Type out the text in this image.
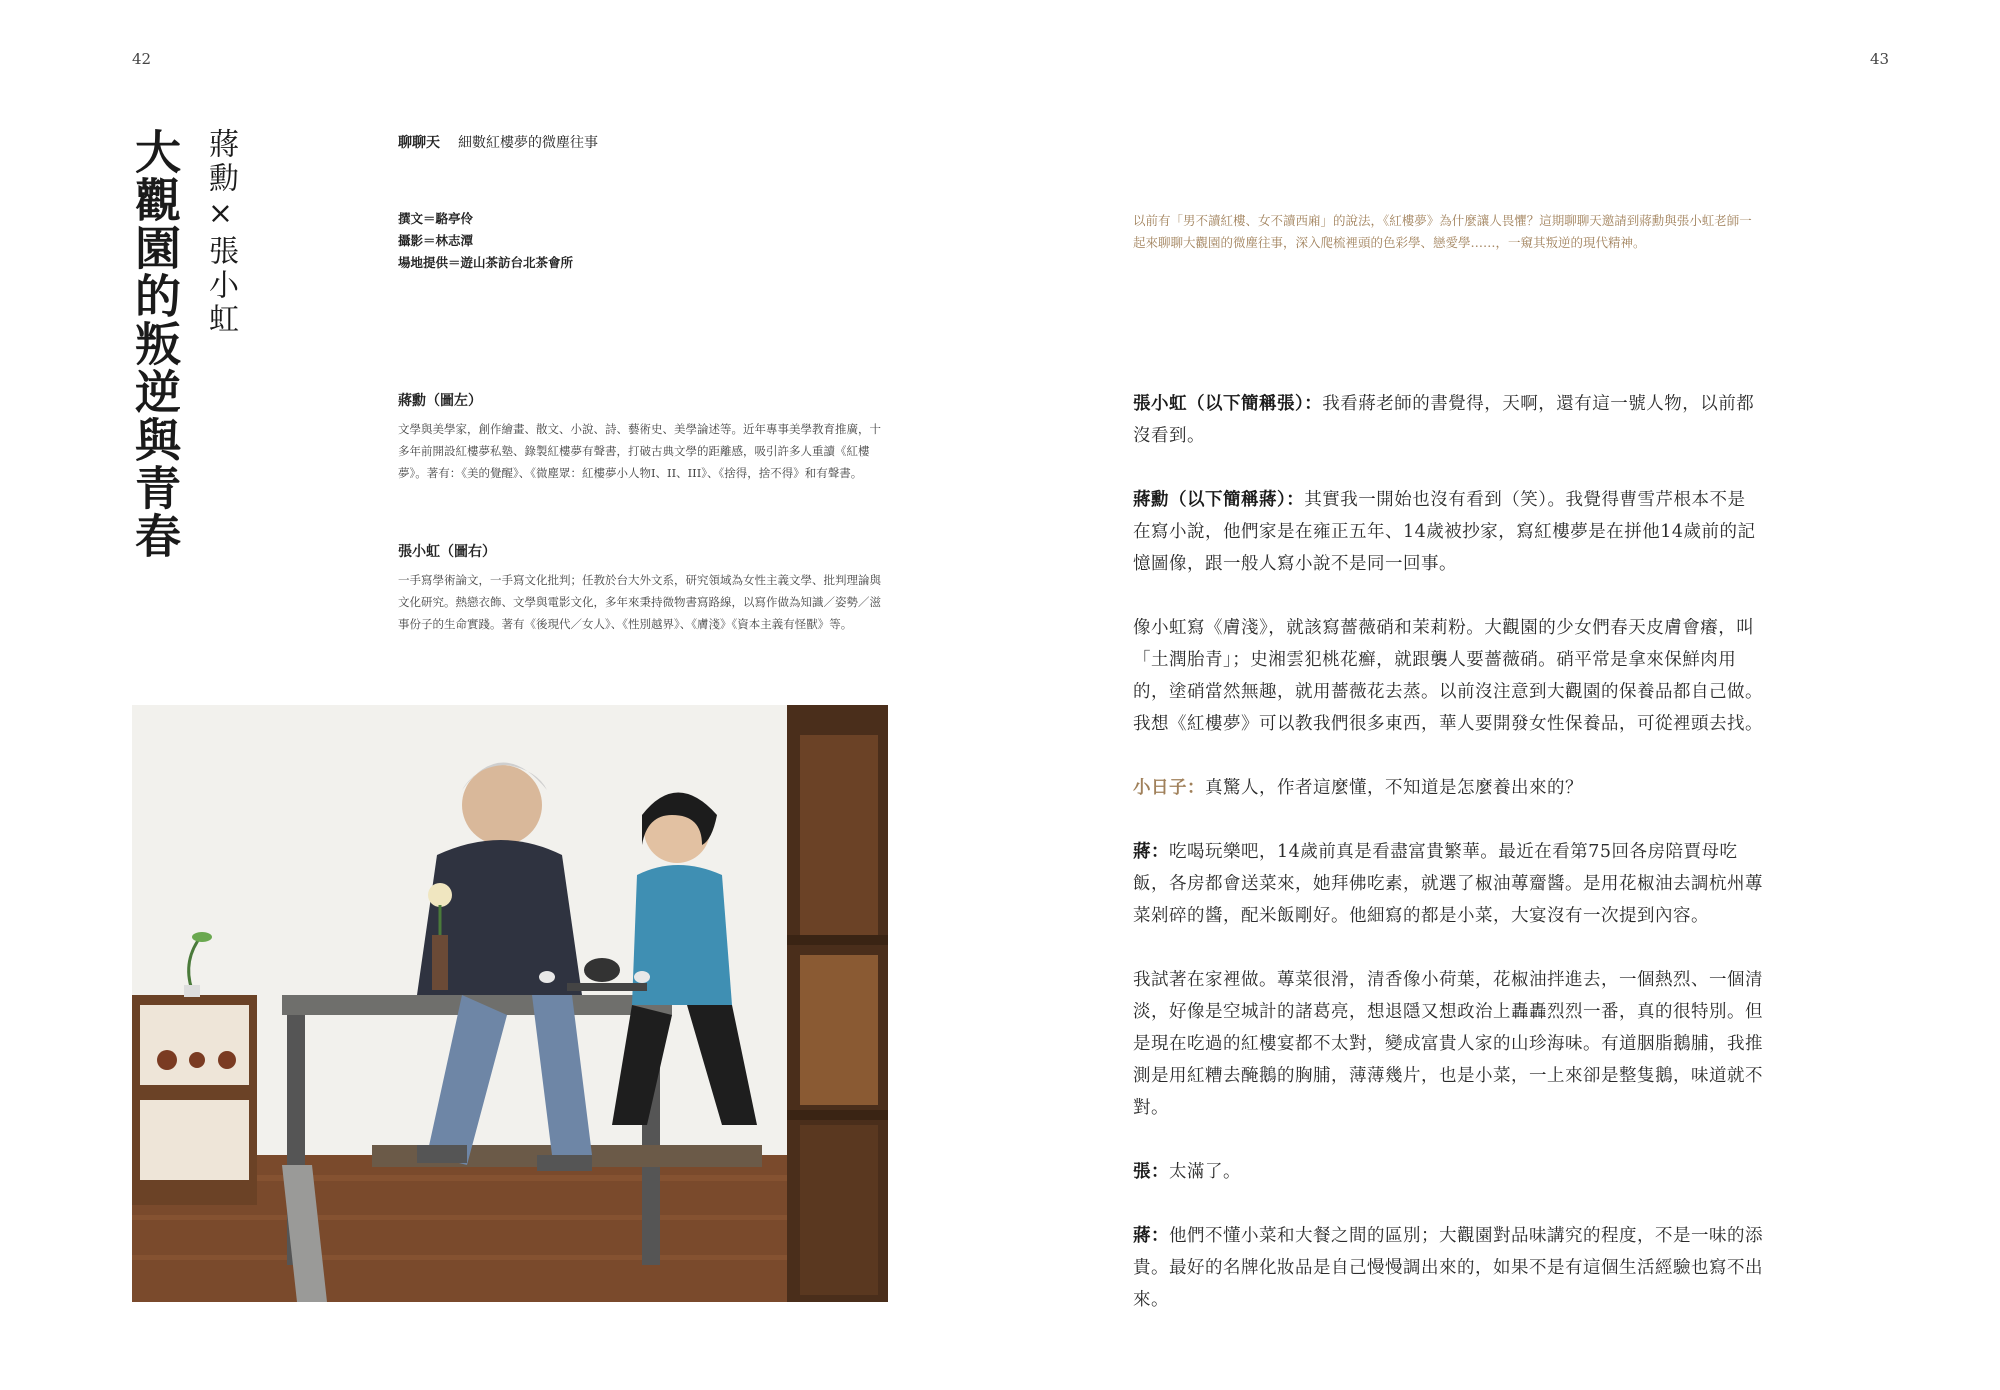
42
大觀園的叛逆與青春 蔣勳×張小虹
聊聊天 細數紅樓夢的微塵往事
撰文＝駱亭伶
攝影＝林志潭
場地提供＝遊山茶訪台北茶會所
蔣勳（圖左）
文學與美學家，創作繪畫、散文、小說、詩、藝術史、美學論述等。近年專事美學教育推廣，十多年前開設紅樓夢私塾、錄製紅樓夢有聲書，打破古典文學的距離感，吸引許多人重讀《紅樓夢》。著有：《美的覺醒》、《微塵眾：紅樓夢小人物I、II、III》、《捨得，捨不得》和有聲書。
張小虹（圖右）
一手寫學術論文，一手寫文化批判；任教於台大外文系，研究領域為女性主義文學、批判理論與文化研究。熱戀衣飾、文學與電影文化，多年來秉持微物書寫路線，以寫作做為知識／姿勢／滋事份子的生命實踐。著有《後現代／女人》、《性別越界》、《膚淺》《資本主義有怪獸》等。
43
以前有「男不讀紅樓、女不讀西廂」的說法，《紅樓夢》為什麼讓人畏懼？這期聊聊天邀請到蔣勳與張小虹老師一起來聊聊大觀園的微塵往事，深入爬梳裡頭的色彩學、戀愛學……，一窺其叛逆的現代精神。

張小虹（以下簡稱張）：我看蔣老師的書覺得，天啊，還有這一號人物，以前都沒看到。

蔣勳（以下簡稱蔣）：其實我一開始也沒有看到（笑）。我覺得曹雪芹根本不是在寫小說，他們家是在雍正五年、14歲被抄家，寫紅樓夢是在拼他14歲前的記憶圖像，跟一般人寫小說不是同一回事。

像小虹寫《膚淺》，就該寫薔薇硝和茉莉粉。大觀園的少女們春天皮膚會癢，叫「土潤胎青」；史湘雲犯桃花癬，就跟襲人要薔薇硝。硝平常是拿來保鮮肉用的，塗硝當然無趣，就用薔薇花去蒸。以前沒注意到大觀園的保養品都自己做。我想《紅樓夢》可以教我們很多東西，華人要開發女性保養品，可從裡頭去找。

小日子：真驚人，作者這麼懂，不知道是怎麼養出來的？

蔣：吃喝玩樂吧，14歲前真是看盡富貴繁華。最近在看第75回各房陪賈母吃飯，各房都會送菜來，她拜佛吃素，就選了椒油蓴齏醬。是用花椒油去調杭州蓴菜剁碎的醬，配米飯剛好。他細寫的都是小菜，大宴沒有一次提到內容。

我試著在家裡做。蓴菜很滑，清香像小荷葉，花椒油拌進去，一個熱烈、一個清淡，好像是空城計的諸葛亮，想退隱又想政治上轟轟烈烈一番，真的很特別。但是現在吃過的紅樓宴都不太對，變成富貴人家的山珍海味。有道胭脂鵝脯，我推測是用紅糟去醃鵝的胸脯，薄薄幾片，也是小菜，一上來卻是整隻鵝，味道就不對。

張：太滿了。

蔣：他們不懂小菜和大餐之間的區別；大觀園對品味講究的程度，不是一味的添貴。最好的名牌化妝品是自己慢慢調出來的，如果不是有這個生活經驗也寫不出來。
